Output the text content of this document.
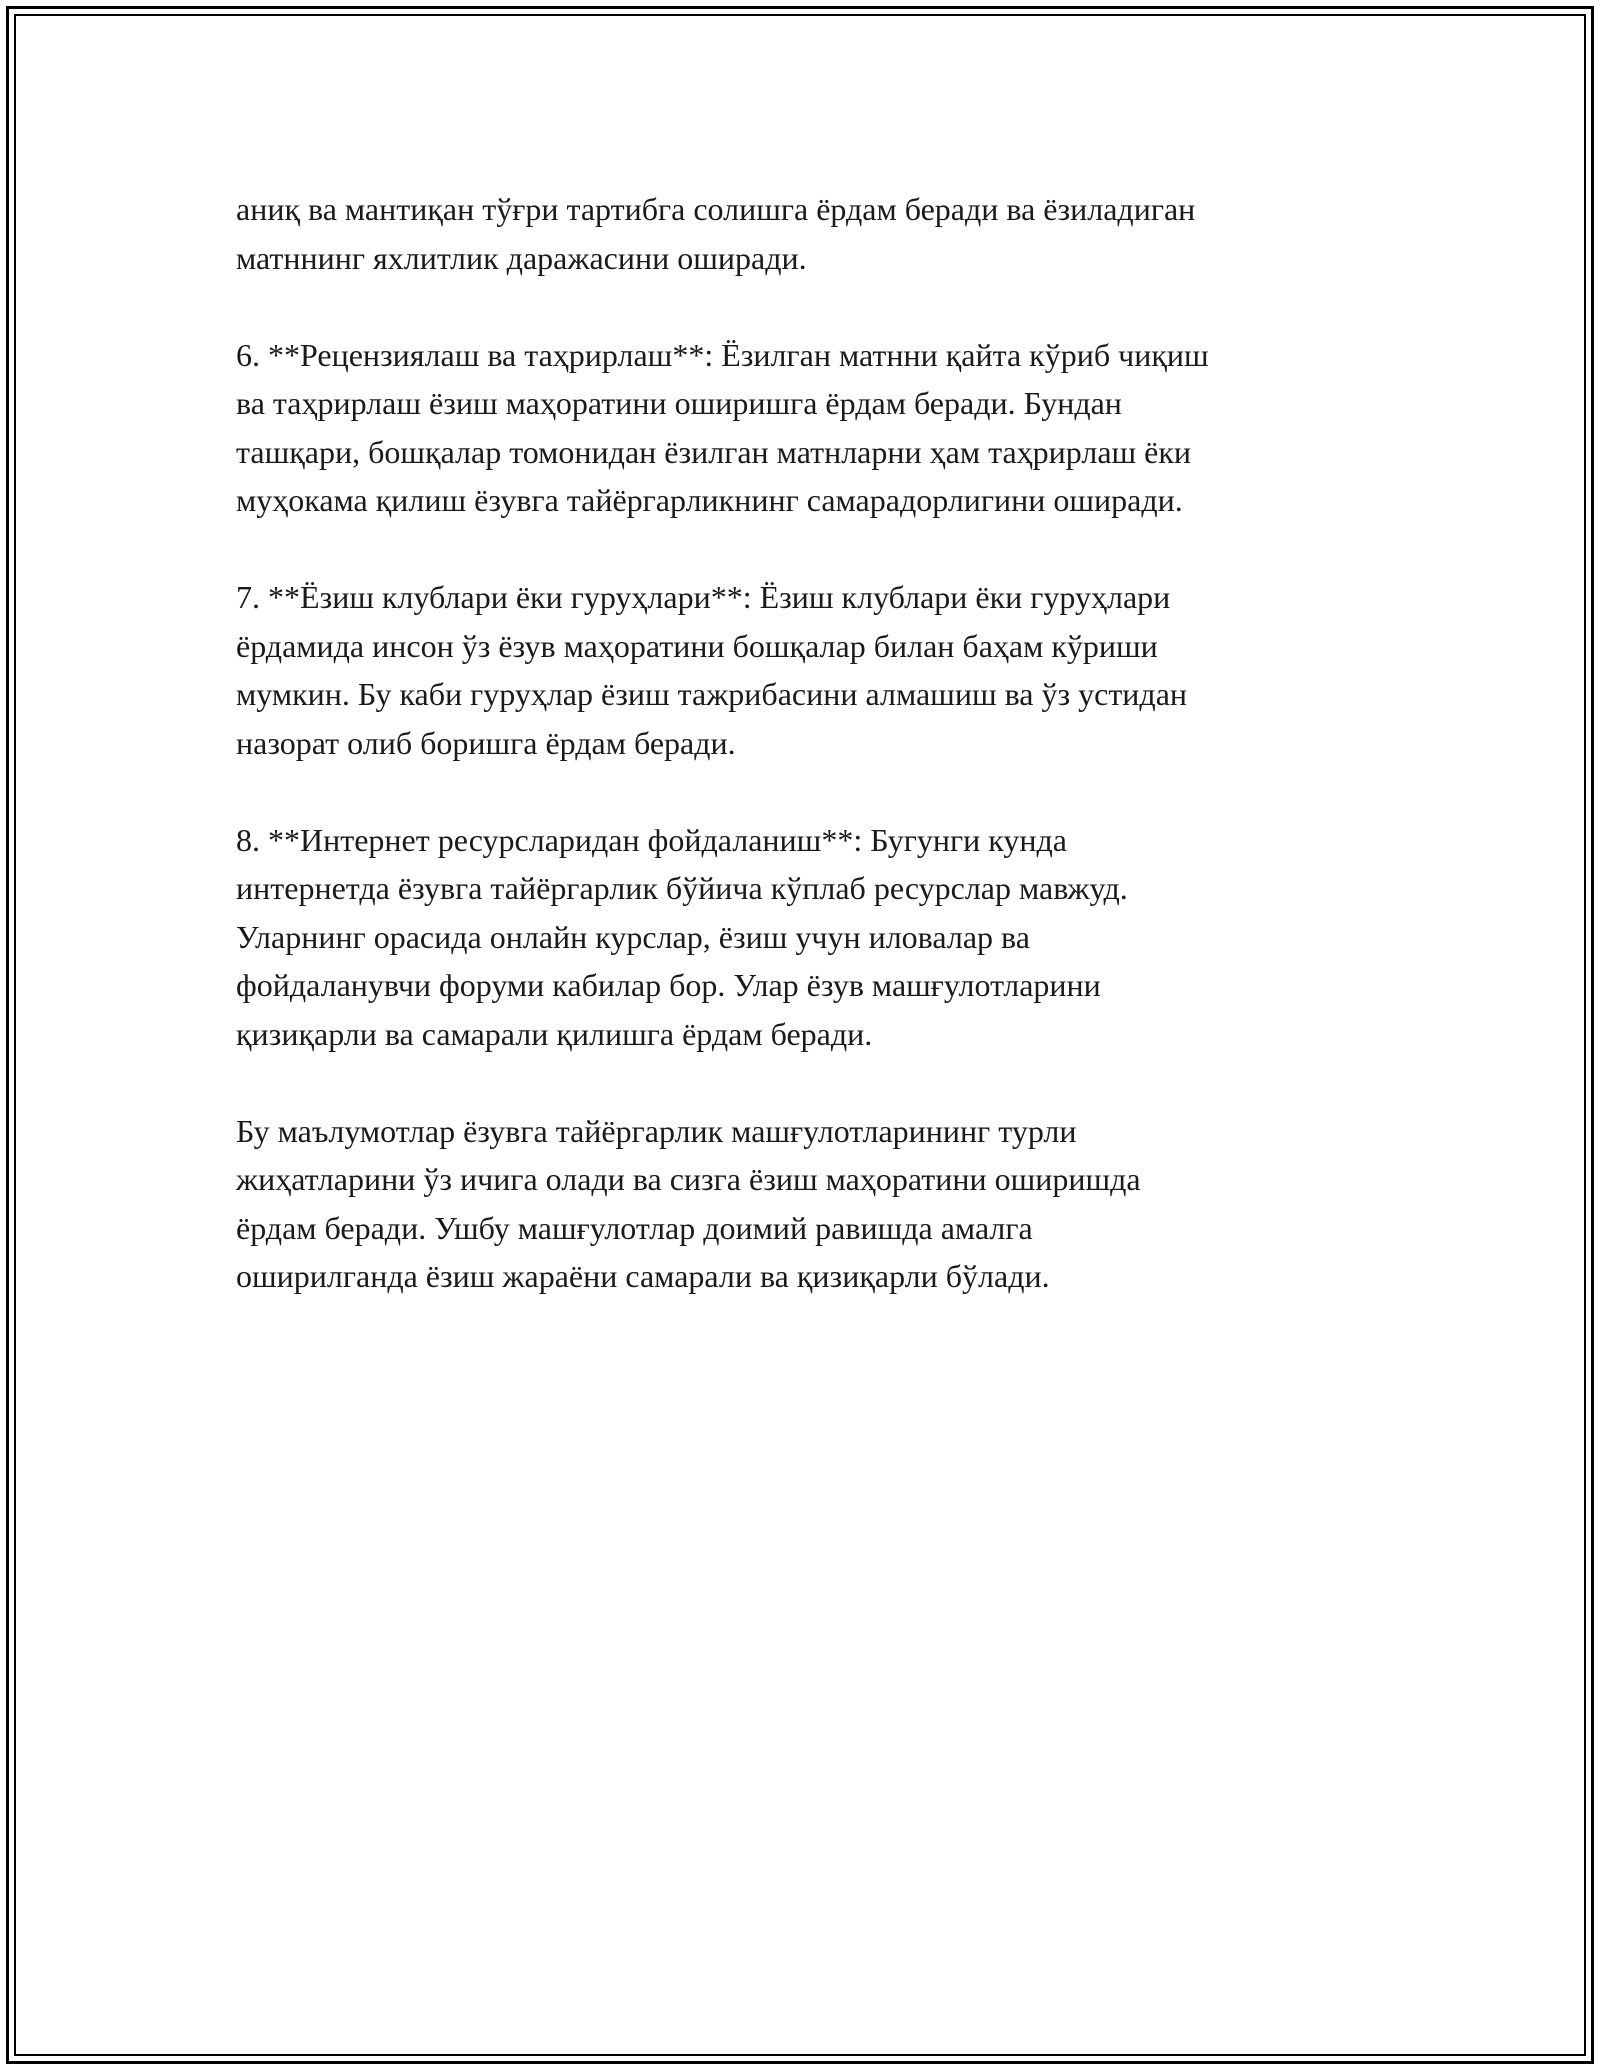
аниқ ва мантиқан тўғри тартибга солишга ёрдам беради ва ёзиладиган
матннинг яхлитлик даражасини оширади.

6. **Рецензиялаш ва таҳрирлаш**: Ёзилган матнни қайта кўриб чиқиш
ва таҳрирлаш ёзиш маҳоратини оширишга ёрдам беради. Бундан
ташқари, бошқалар томонидан ёзилган матнларни ҳам таҳрирлаш ёки
муҳокама қилиш ёзувга тайёргарликнинг самарадорлигини оширади.

7. **Ёзиш клублари ёки гуруҳлари**: Ёзиш клублари ёки гуруҳлари
ёрдамида инсон ўз ёзув маҳоратини бошқалар билан баҳам кўриши
мумкин. Бу каби гуруҳлар ёзиш тажрибасини алмашиш ва ўз устидан
назорат олиб боришга ёрдам беради.

8. **Интернет ресурсларидан фойдаланиш**: Бугунги кунда
интернетда ёзувга тайёргарлик бўйича кўплаб ресурслар мавжуд.
Уларнинг орасида онлайн курслар, ёзиш учун иловалар ва
фойдаланувчи форуми кабилар бор. Улар ёзув машғулотларини
қизиқарли ва самарали қилишга ёрдам беради.

Бу маълумотлар ёзувга тайёргарлик машғулотларининг турли
жиҳатларини ўз ичига олади ва сизга ёзиш маҳоратини оширишда
ёрдам беради. Ушбу машғулотлар доимий равишда амалга
оширилганда ёзиш жараёни самарали ва қизиқарли бўлади.
